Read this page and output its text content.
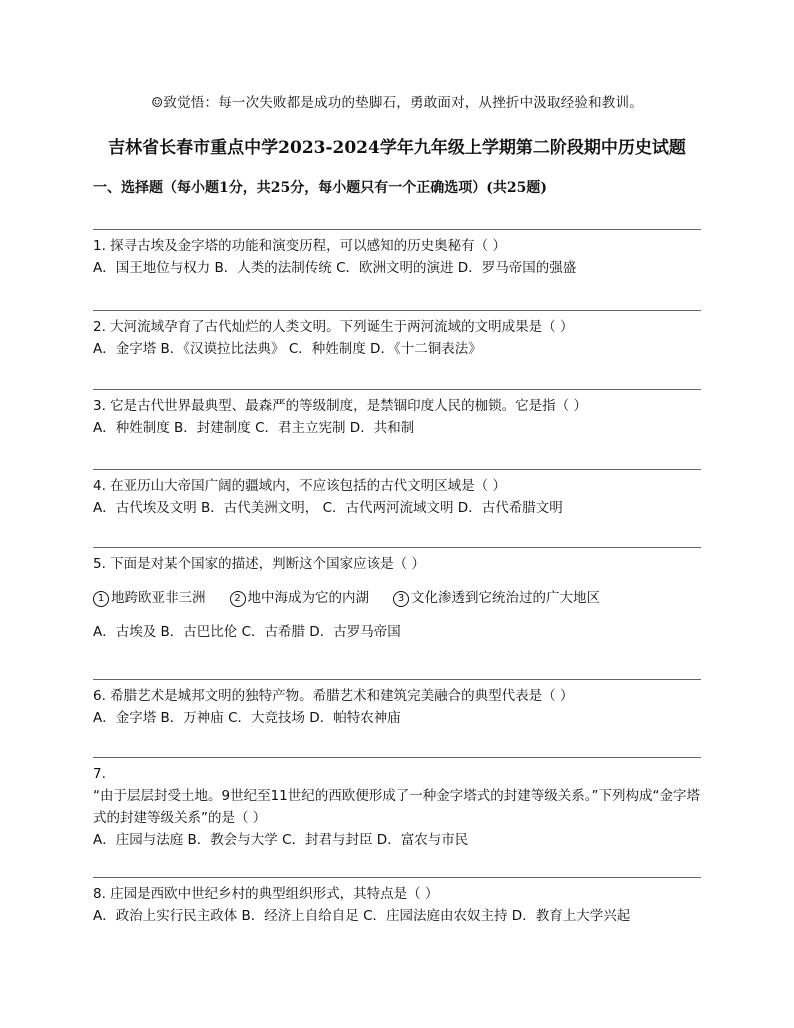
☺致觉悟：每一次失败都是成功的垫脚石，勇敢面对，从挫折中汲取经验和教训。
吉林省长春市重点中学2023-2024学年九年级上学期第二阶段期中历史试题
一、选择题（每小题1分，共25分，每小题只有一个正确选项）(共25题)
1. 探寻古埃及金字塔的功能和演变历程，可以感知的历史奥秘有（ ）
A．国王地位与权力 B．人类的法制传统 C．欧洲文明的演进 D．罗马帝国的强盛
2. 大河流域孕育了古代灿烂的人类文明。下列诞生于两河流域的文明成果是（ ）
A．金字塔 B．《汉谟拉比法典》 C．种姓制度 D．《十二铜表法》
3. 它是古代世界最典型、最森严的等级制度，是禁锢印度人民的枷锁。它是指（ ）
A．种姓制度 B．封建制度 C．君主立宪制 D．共和制
4. 在亚历山大帝国广阔的疆域内，不应该包括的古代文明区域是（ ）
A．古代埃及文明 B．古代美洲文明， C．古代两河流域文明 D．古代希腊文明
5. 下面是对某个国家的描述，判断这个国家应该是（ ）
1 地跨欧亚非三洲	2 地中海成为它的内湖	3 文化渗透到它统治过的广大地区
A．古埃及 B．古巴比伦 C．古希腊 D．古罗马帝国
6. 希腊艺术是城邦文明的独特产物。希腊艺术和建筑完美融合的典型代表是（ ）
A．金字塔 B．万神庙 C．大竞技场 D．帕特农神庙
7.
“由于层层封受土地。9世纪至11世纪的西欧便形成了一种金字塔式的封建等级关系。”下列构成“金字塔式的封建等级关系”的是（ ）
A．庄园与法庭 B．教会与大学 C．封君与封臣 D．富农与市民
8. 庄园是西欧中世纪乡村的典型组织形式，其特点是（ ）
A．政治上实行民主政体 B．经济上自给自足 C．庄园法庭由农奴主持 D．教育上大学兴起
